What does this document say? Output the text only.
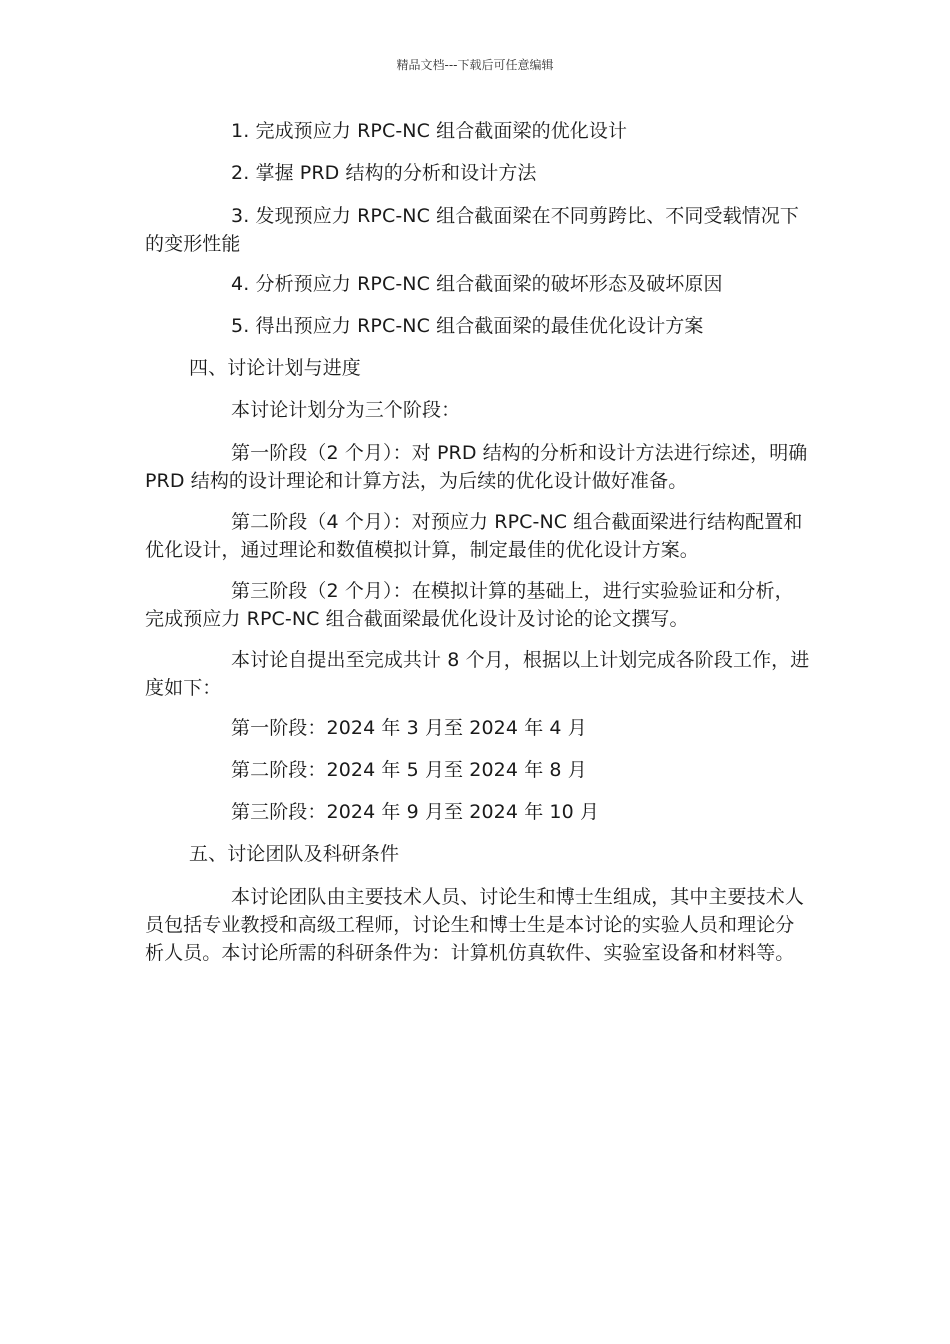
精品文档---下载后可任意编辑

1. 完成预应力 RPC-NC 组合截面梁的优化设计

2. 掌握 PRD 结构的分析和设计方法

3. 发现预应力 RPC-NC 组合截面梁在不同剪跨比、不同受载情况下的变形性能

4. 分析预应力 RPC-NC 组合截面梁的破坏形态及破坏原因

5. 得出预应力 RPC-NC 组合截面梁的最佳优化设计方案

四、讨论计划与进度

本讨论计划分为三个阶段：

第一阶段（2 个月）：对 PRD 结构的分析和设计方法进行综述，明确 PRD 结构的设计理论和计算方法，为后续的优化设计做好准备。

第二阶段（4 个月）：对预应力 RPC-NC 组合截面梁进行结构配置和优化设计，通过理论和数值模拟计算，制定最佳的优化设计方案。

第三阶段（2 个月）：在模拟计算的基础上，进行实验验证和分析，完成预应力 RPC-NC 组合截面梁最优化设计及讨论的论文撰写。

本讨论自提出至完成共计 8 个月，根据以上计划完成各阶段工作，进度如下：

第一阶段：2024 年 3 月至 2024 年 4 月

第二阶段：2024 年 5 月至 2024 年 8 月

第三阶段：2024 年 9 月至 2024 年 10 月

五、讨论团队及科研条件

本讨论团队由主要技术人员、讨论生和博士生组成，其中主要技术人员包括专业教授和高级工程师，讨论生和博士生是本讨论的实验人员和理论分析人员。本讨论所需的科研条件为：计算机仿真软件、实验室设备和材料等。
